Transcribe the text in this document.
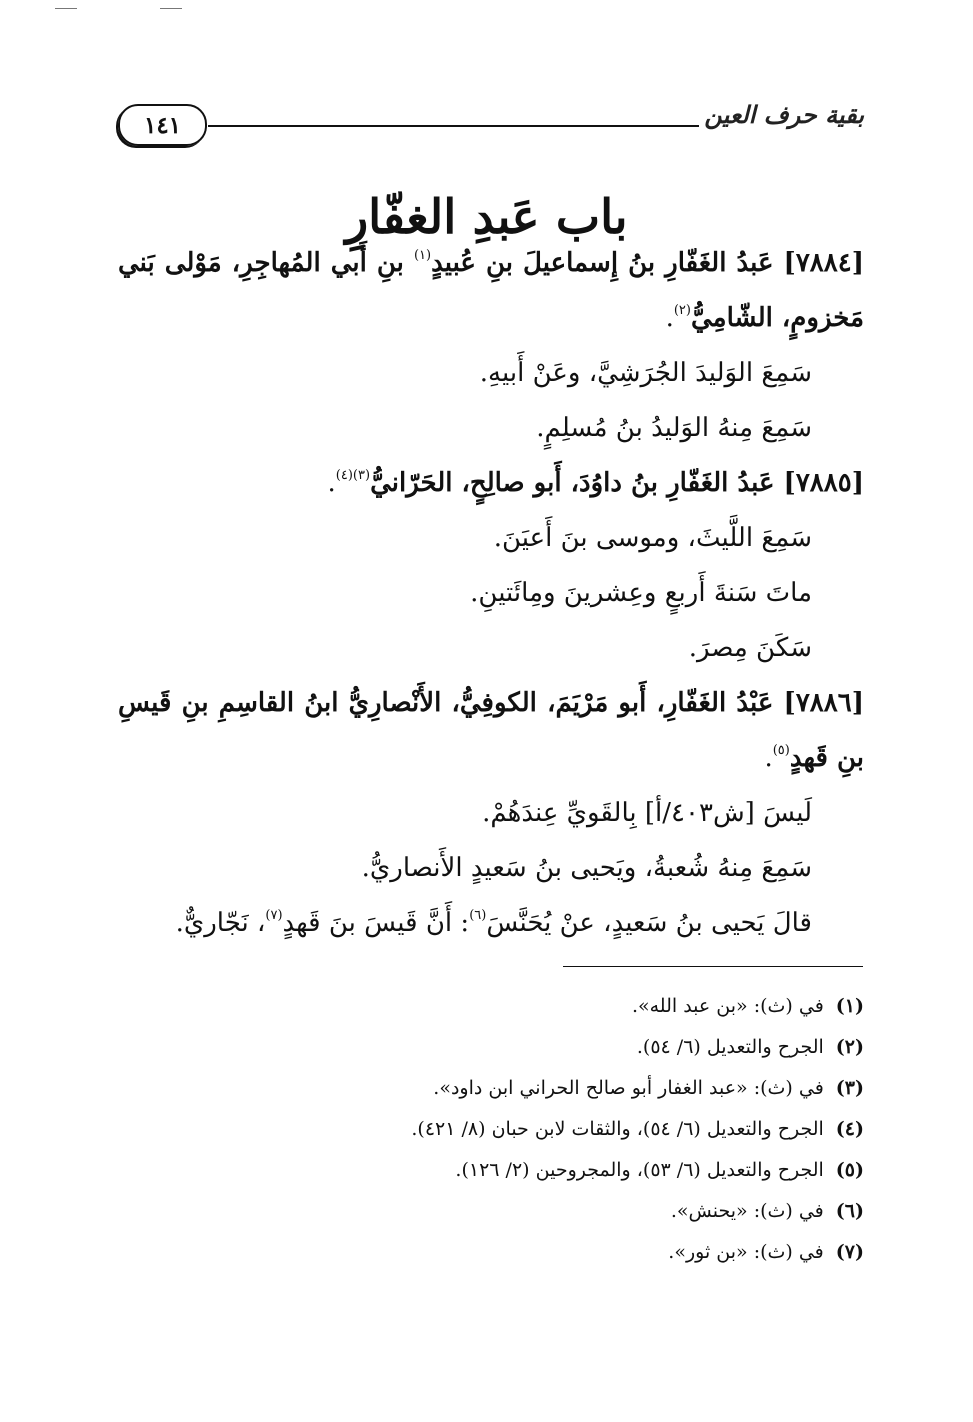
بقية حرف العين
١٤١
باب عَبدِ الغفّارِ

[٧٨٨٤] عَبدُ الغَفّارِ بنُ إِسماعيلَ بنِ عُبيدٍ$^{(١)}$ بنِ أَبي المُهاجِرِ، مَوْلى بَني مَخزومٍ، الشّامِيُّ$^{(٢)}$.

سَمِعَ الوَليدَ الجُرَشِيَّ، وعَنْ أَبيهِ.

سَمِعَ مِنهُ الوَليدُ بنُ مُسلِمٍ.

[٧٨٨٥] عَبدُ الغَفّارِ بنُ داوُدَ، أَبو صالِحٍ، الحَرّانيُّ$^{(٣)(٤)}$.

سَمِعَ اللَّيثَ، وموسى بنَ أَعيَنَ.

ماتَ سَنةَ أَربعٍ وعِشرينَ ومِائَتينِ.

سَكَنَ مِصرَ.

[٧٨٨٦] عَبْدُ الغَفّارِ، أَبو مَرْيَمَ، الكوفِيُّ، الأَنْصارِيُّ ابنُ القاسِمِ بنِ قَيسِ بنِ قَهدٍ$^{(٥)}$.

لَيسَ [ش٤٠٣/أ] بِالقَويِّ عِندَهُمْ.

سَمِعَ مِنهُ شُعبةُ، ويَحيى بنُ سَعيدٍ الأَنصاريُّ.

قالَ يَحيى بنُ سَعيدٍ، عنْ يُحَنَّسَ$^{(٦)}$: أَنَّ قَيسَ بنَ قَهدٍ$^{(٧)}$، نَجّاريٌّ.

(١)في (ث): «بن عبد الله».

(٢)الجرح والتعديل (٦/ ٥٤).

(٣)في (ث): «عبد الغفار أبو صالح الحراني ابن داود».

(٤)الجرح والتعديل (٦/ ٥٤)، والثقات لابن حبان (٨/ ٤٢١).

(٥)الجرح والتعديل (٦/ ٥٣)، والمجروحين (٢/ ١٢٦).

(٦)في (ث): «يحنش».

(٧)في (ث): «بن ثور».
